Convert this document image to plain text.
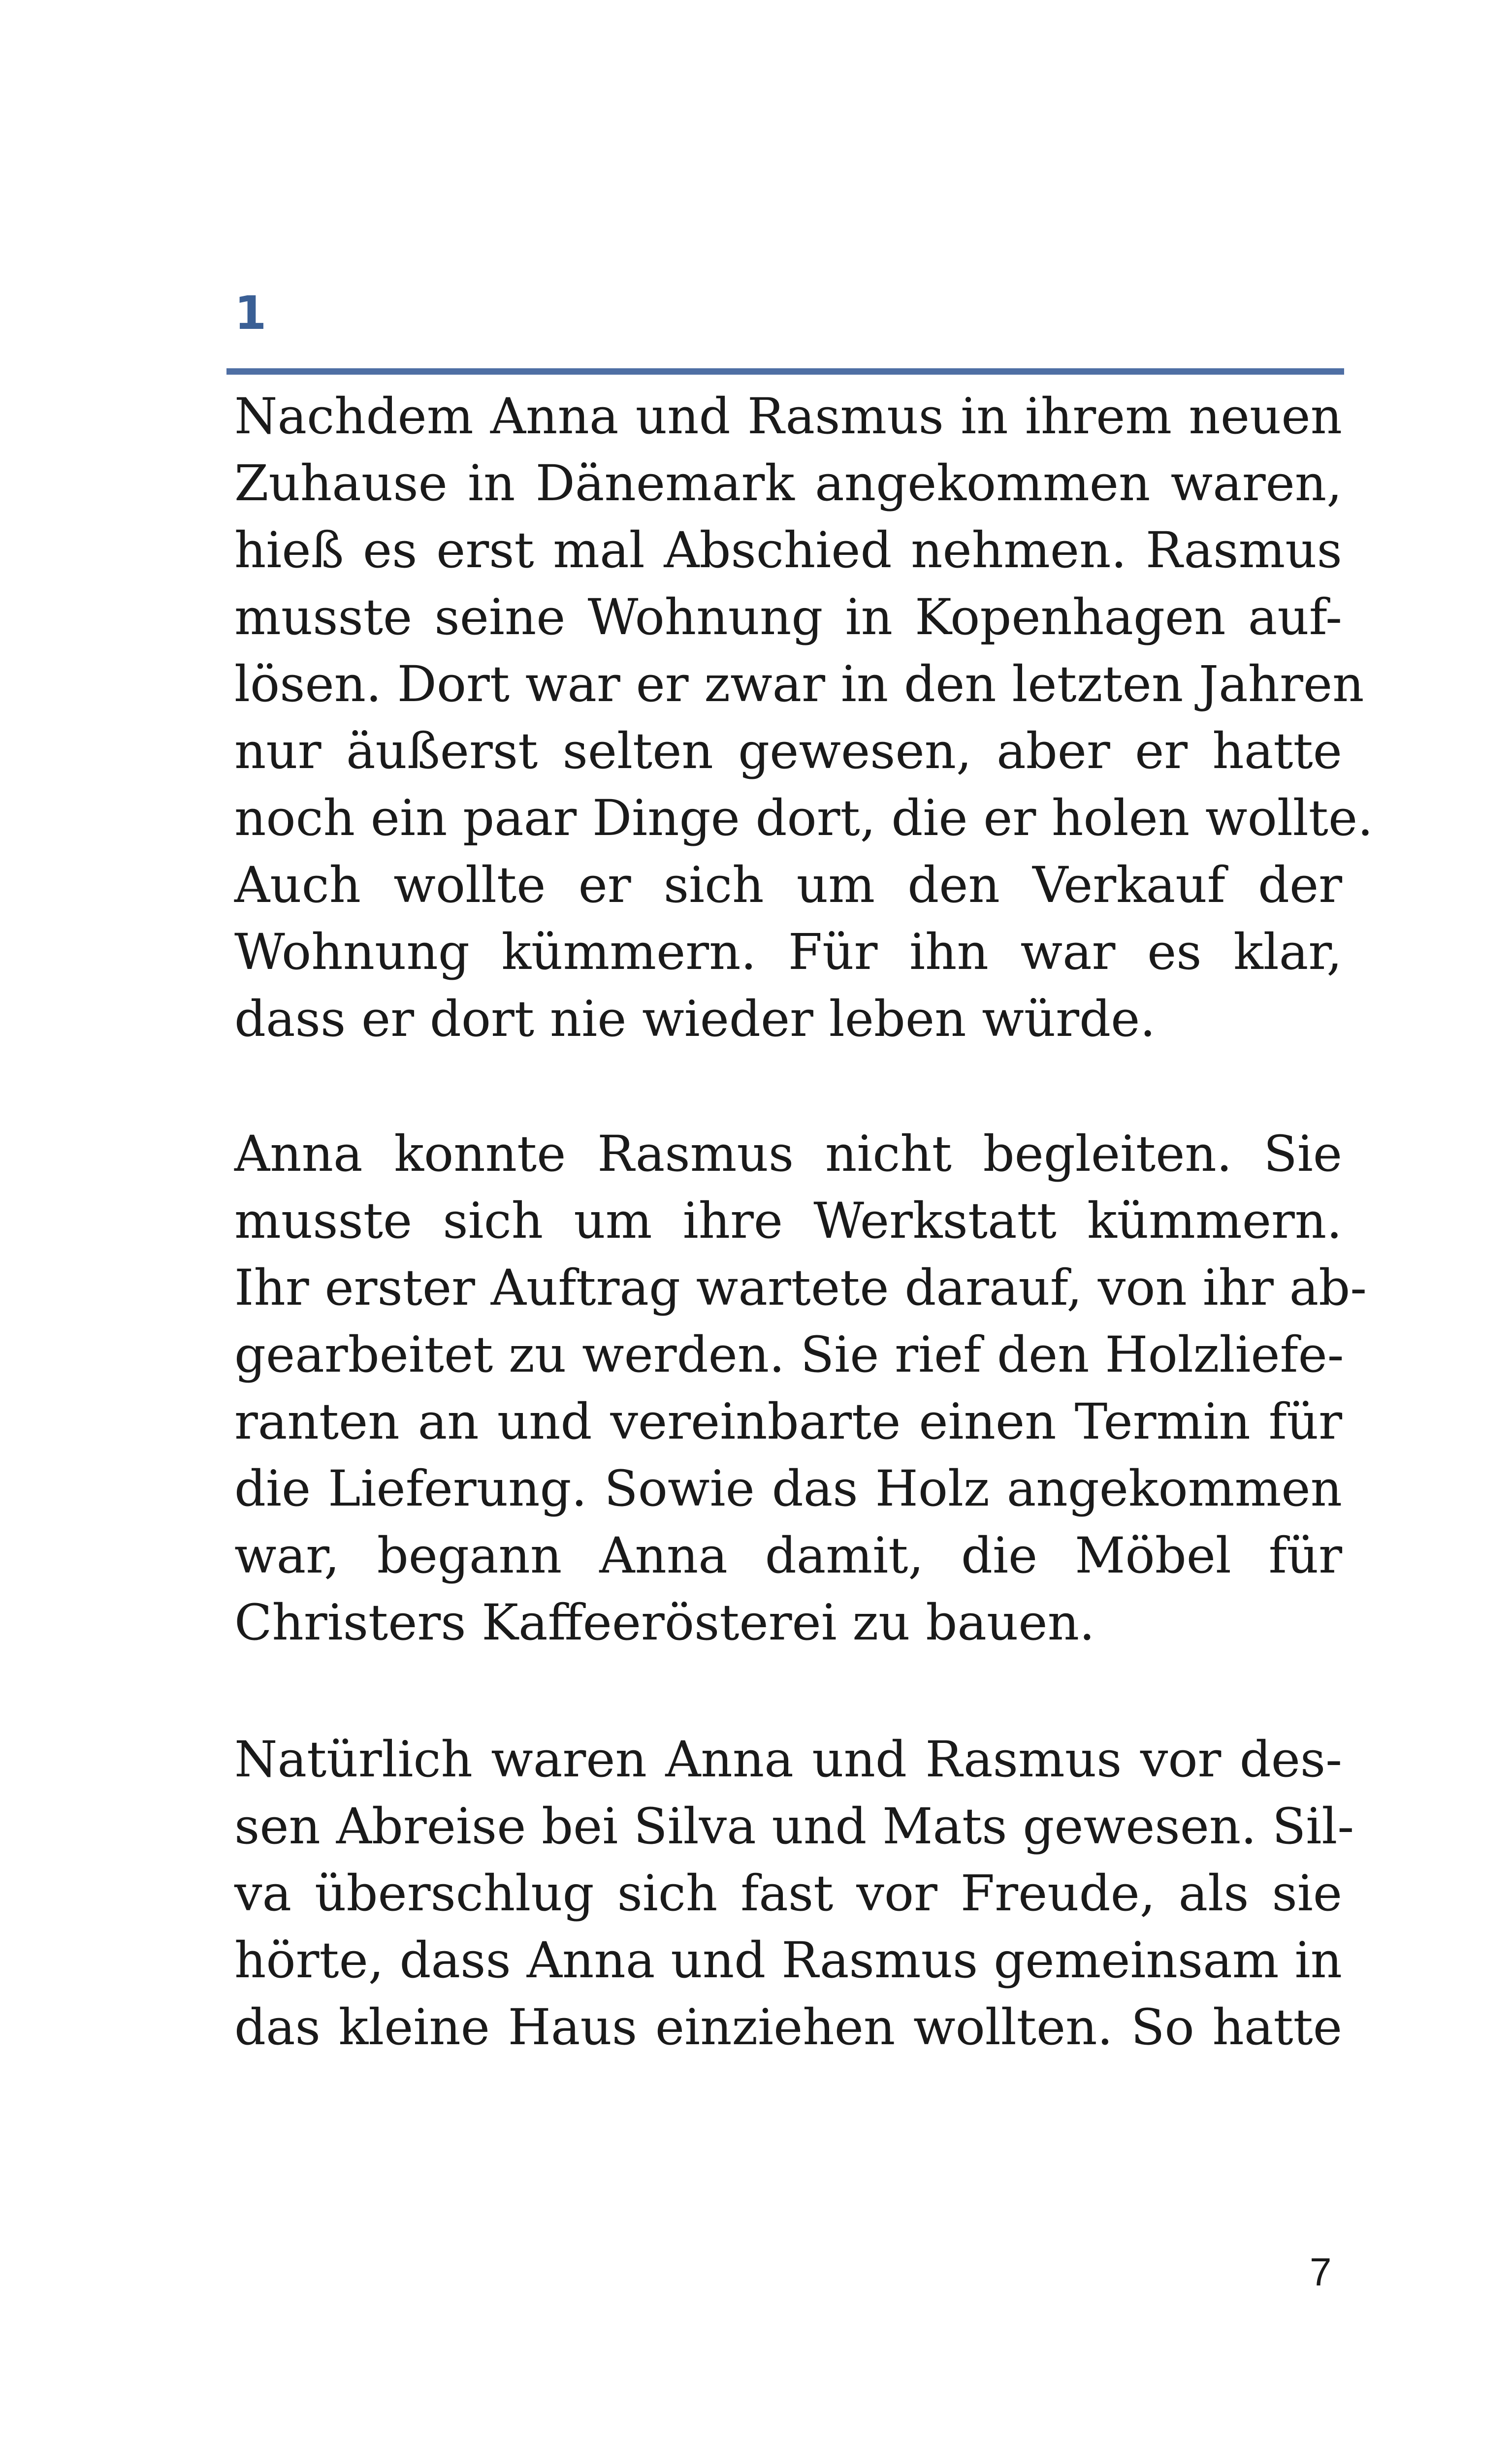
1
Nachdem Anna und Rasmus in ihrem neuen
Zuhause in Dänemark angekommen waren,
hieß es erst mal Abschied nehmen. Rasmus
musste seine Wohnung in Kopenhagen auf-
lösen. Dort war er zwar in den letzten Jahren
nur äußerst selten gewesen, aber er hatte
noch ein paar Dinge dort, die er holen wollte.
Auch wollte er sich um den Verkauf der
Wohnung kümmern. Für ihn war es klar,
dass er dort nie wieder leben würde.
Anna konnte Rasmus nicht begleiten. Sie
musste sich um ihre Werkstatt kümmern.
Ihr erster Auftrag wartete darauf, von ihr ab-
gearbeitet zu werden. Sie rief den Holzliefe-
ranten an und vereinbarte einen Termin für
die Lieferung. Sowie das Holz angekommen
war, begann Anna damit, die Möbel für
Christers Kaffeerösterei zu bauen.
Natürlich waren Anna und Rasmus vor des-
sen Abreise bei Silva und Mats gewesen. Sil-
va überschlug sich fast vor Freude, als sie
hörte, dass Anna und Rasmus gemeinsam in
das kleine Haus einziehen wollten. So hatte
7
